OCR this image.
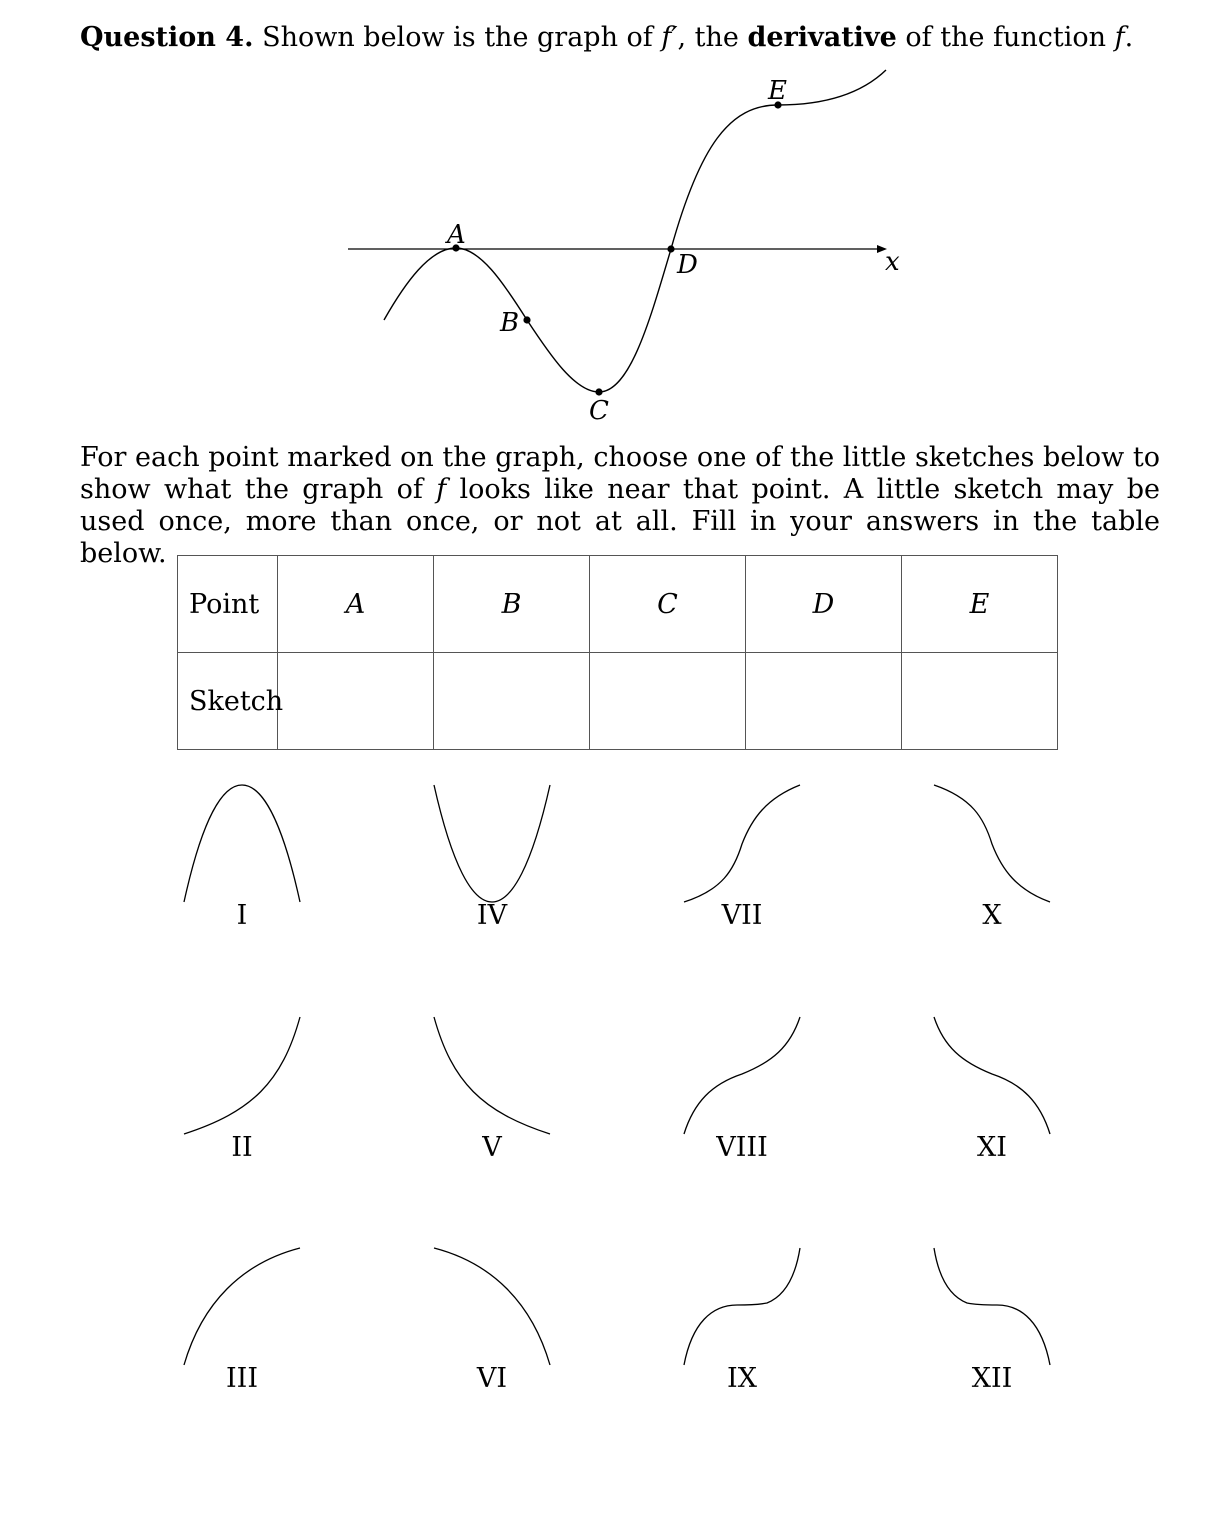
Question 4. Shown below is the graph of f′, the derivative of the function f.
x
A
B
C
D
E
For each point marked on the graph, choose one of the little sketches below to show what the graph of f looks like near that point. A little sketch may be used once, more than once, or not at all. Fill in your answers in the table below.
Point	A	B	C	D	E
Sketch					
I	IV	VII	X
II	V	VIII	XI
III	VI	IX	XII
